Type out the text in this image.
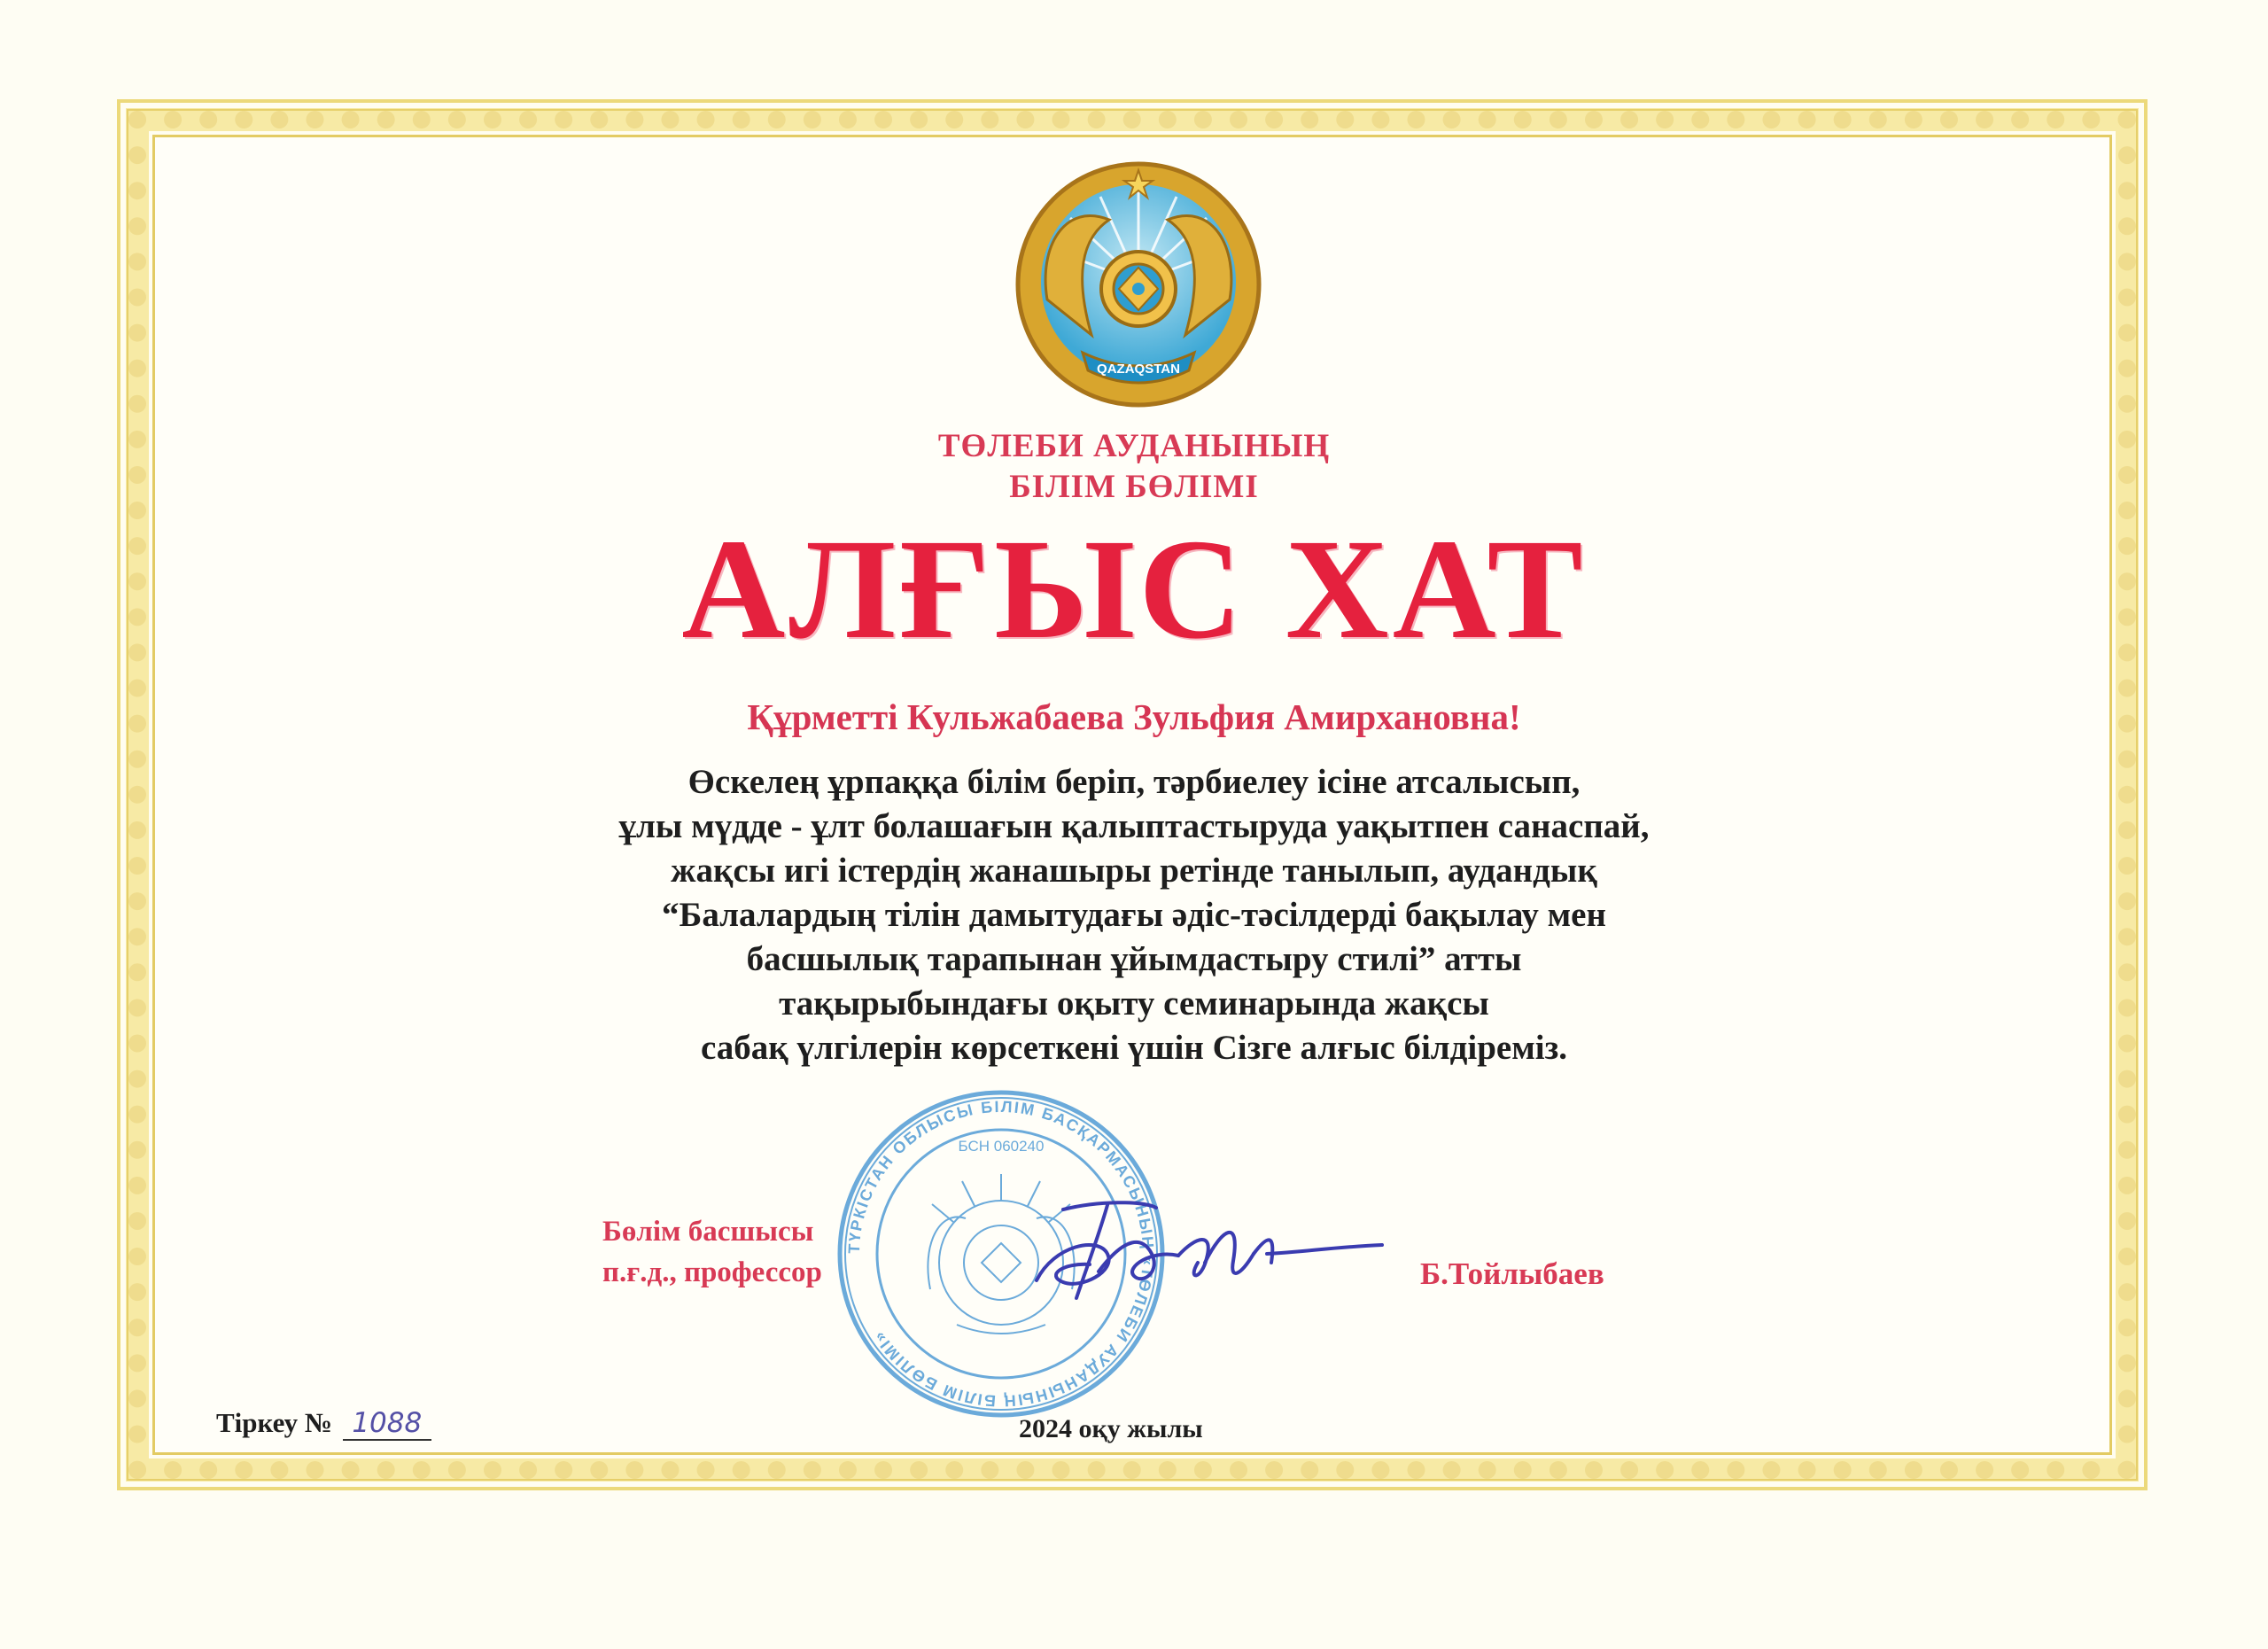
QAZAQSTAN
ТӨЛЕБИ АУДАНЫНЫҢ
БІЛІМ БӨЛІМІ
АЛҒЫС ХАТ
Құрметті Кульжабаева Зульфия Амирхановна!
Өскелең ұрпаққа білім беріп, тәрбиелеу ісіне атсалысып,
ұлы мүдде - ұлт болашағын қалыптастыруда уақытпен санаспай,
жақсы игі істердің жанашыры ретінде танылып, аудандық
“Балалардың тілін дамытудағы әдіс-тәсілдерді бақылау мен
басшылық тарапынан ұйымдастыру стилі” атты
тақырыбындағы оқыту семинарында жақсы
сабақ үлгілерін көрсеткені үшін Сізге алғыс білдіреміз.
ТҮРКІСТАН ОБЛЫСЫ БІЛІМ БАСҚАРМАСЫНЫҢ «ТӨЛЕБИ АУДАНЫНЫҢ БІЛІМ БӨЛІМІ»
БСН 060240
Бөлім басшысы
п.ғ.д., профессор	Б.Тойлыбаев
Тіркеу № 1088	2024 оқу жылы
